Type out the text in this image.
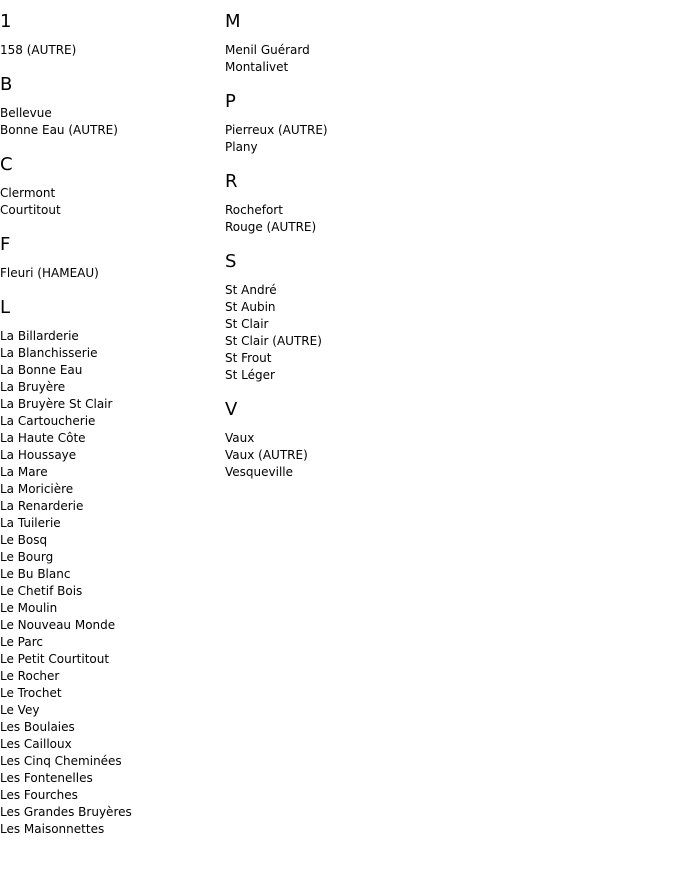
1
158 (AUTRE)
B
Bellevue
Bonne Eau (AUTRE)
C
Clermont
Courtitout
F
Fleuri (HAMEAU)
L
La Billarderie
La Blanchisserie
La Bonne Eau
La Bruyère
La Bruyère St Clair
La Cartoucherie
La Haute Côte
La Houssaye
La Mare
La Moricière
La Renarderie
La Tuilerie
Le Bosq
Le Bourg
Le Bu Blanc
Le Chetif Bois
Le Moulin
Le Nouveau Monde
Le Parc
Le Petit Courtitout
Le Rocher
Le Trochet
Le Vey
Les Boulaies
Les Cailloux
Les Cinq Cheminées
Les Fontenelles
Les Fourches
Les Grandes Bruyères
Les Maisonnettes
M
Menil Guérard
Montalivet
P
Pierreux (AUTRE)
Plany
R
Rochefort
Rouge (AUTRE)
S
St André
St Aubin
St Clair
St Clair (AUTRE)
St Frout
St Léger
V
Vaux
Vaux (AUTRE)
Vesqueville
